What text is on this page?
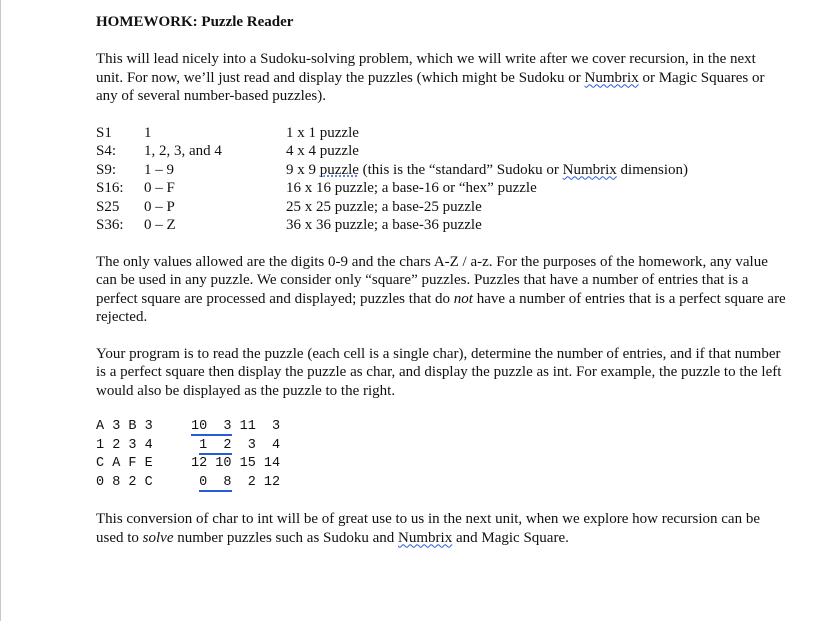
HOMEWORK: Puzzle Reader

This will lead nicely into a Sudoku-solving problem, which we will write after we cover recursion, in the next unit. For now, we’ll just read and display the puzzles (which might be Sudoku or Numbrix or Magic Squares or any of several number-based puzzles).

S1	1	1 x 1 puzzle
S4:	1, 2, 3, and 4	4 x 4 puzzle
S9:	1 – 9	9 x 9 puzzle (this is the “standard” Sudoku or Numbrix dimension)
S16:	0 – F	16 x 16 puzzle; a base-16 or “hex” puzzle
S25	0 – P	25 x 25 puzzle; a base-25 puzzle
S36:	0 – Z	36 x 36 puzzle; a base-36 puzzle

The only values allowed are the digits 0-9 and the chars A-Z / a-z. For the purposes of the homework, any value can be used in any puzzle. We consider only “square” puzzles. Puzzles that have a number of entries that is a perfect square are processed and displayed; puzzles that do not have a number of entries that is a perfect square are rejected.

Your program is to read the puzzle (each cell is a single char), determine the number of entries, and if that number is a perfect square then display the puzzle as char, and display the puzzle as int. For example, the puzzle to the left would also be displayed as the puzzle to the right.

A 3 B 3
1 2 3 4
C A F E
0 8 2 C
10  3 11  3
1  2  3  4
12 10 15 14
0  8  2 12

This conversion of char to int will be of great use to us in the next unit, when we explore how recursion can be used to solve number puzzles such as Sudoku and Numbrix and Magic Square.
